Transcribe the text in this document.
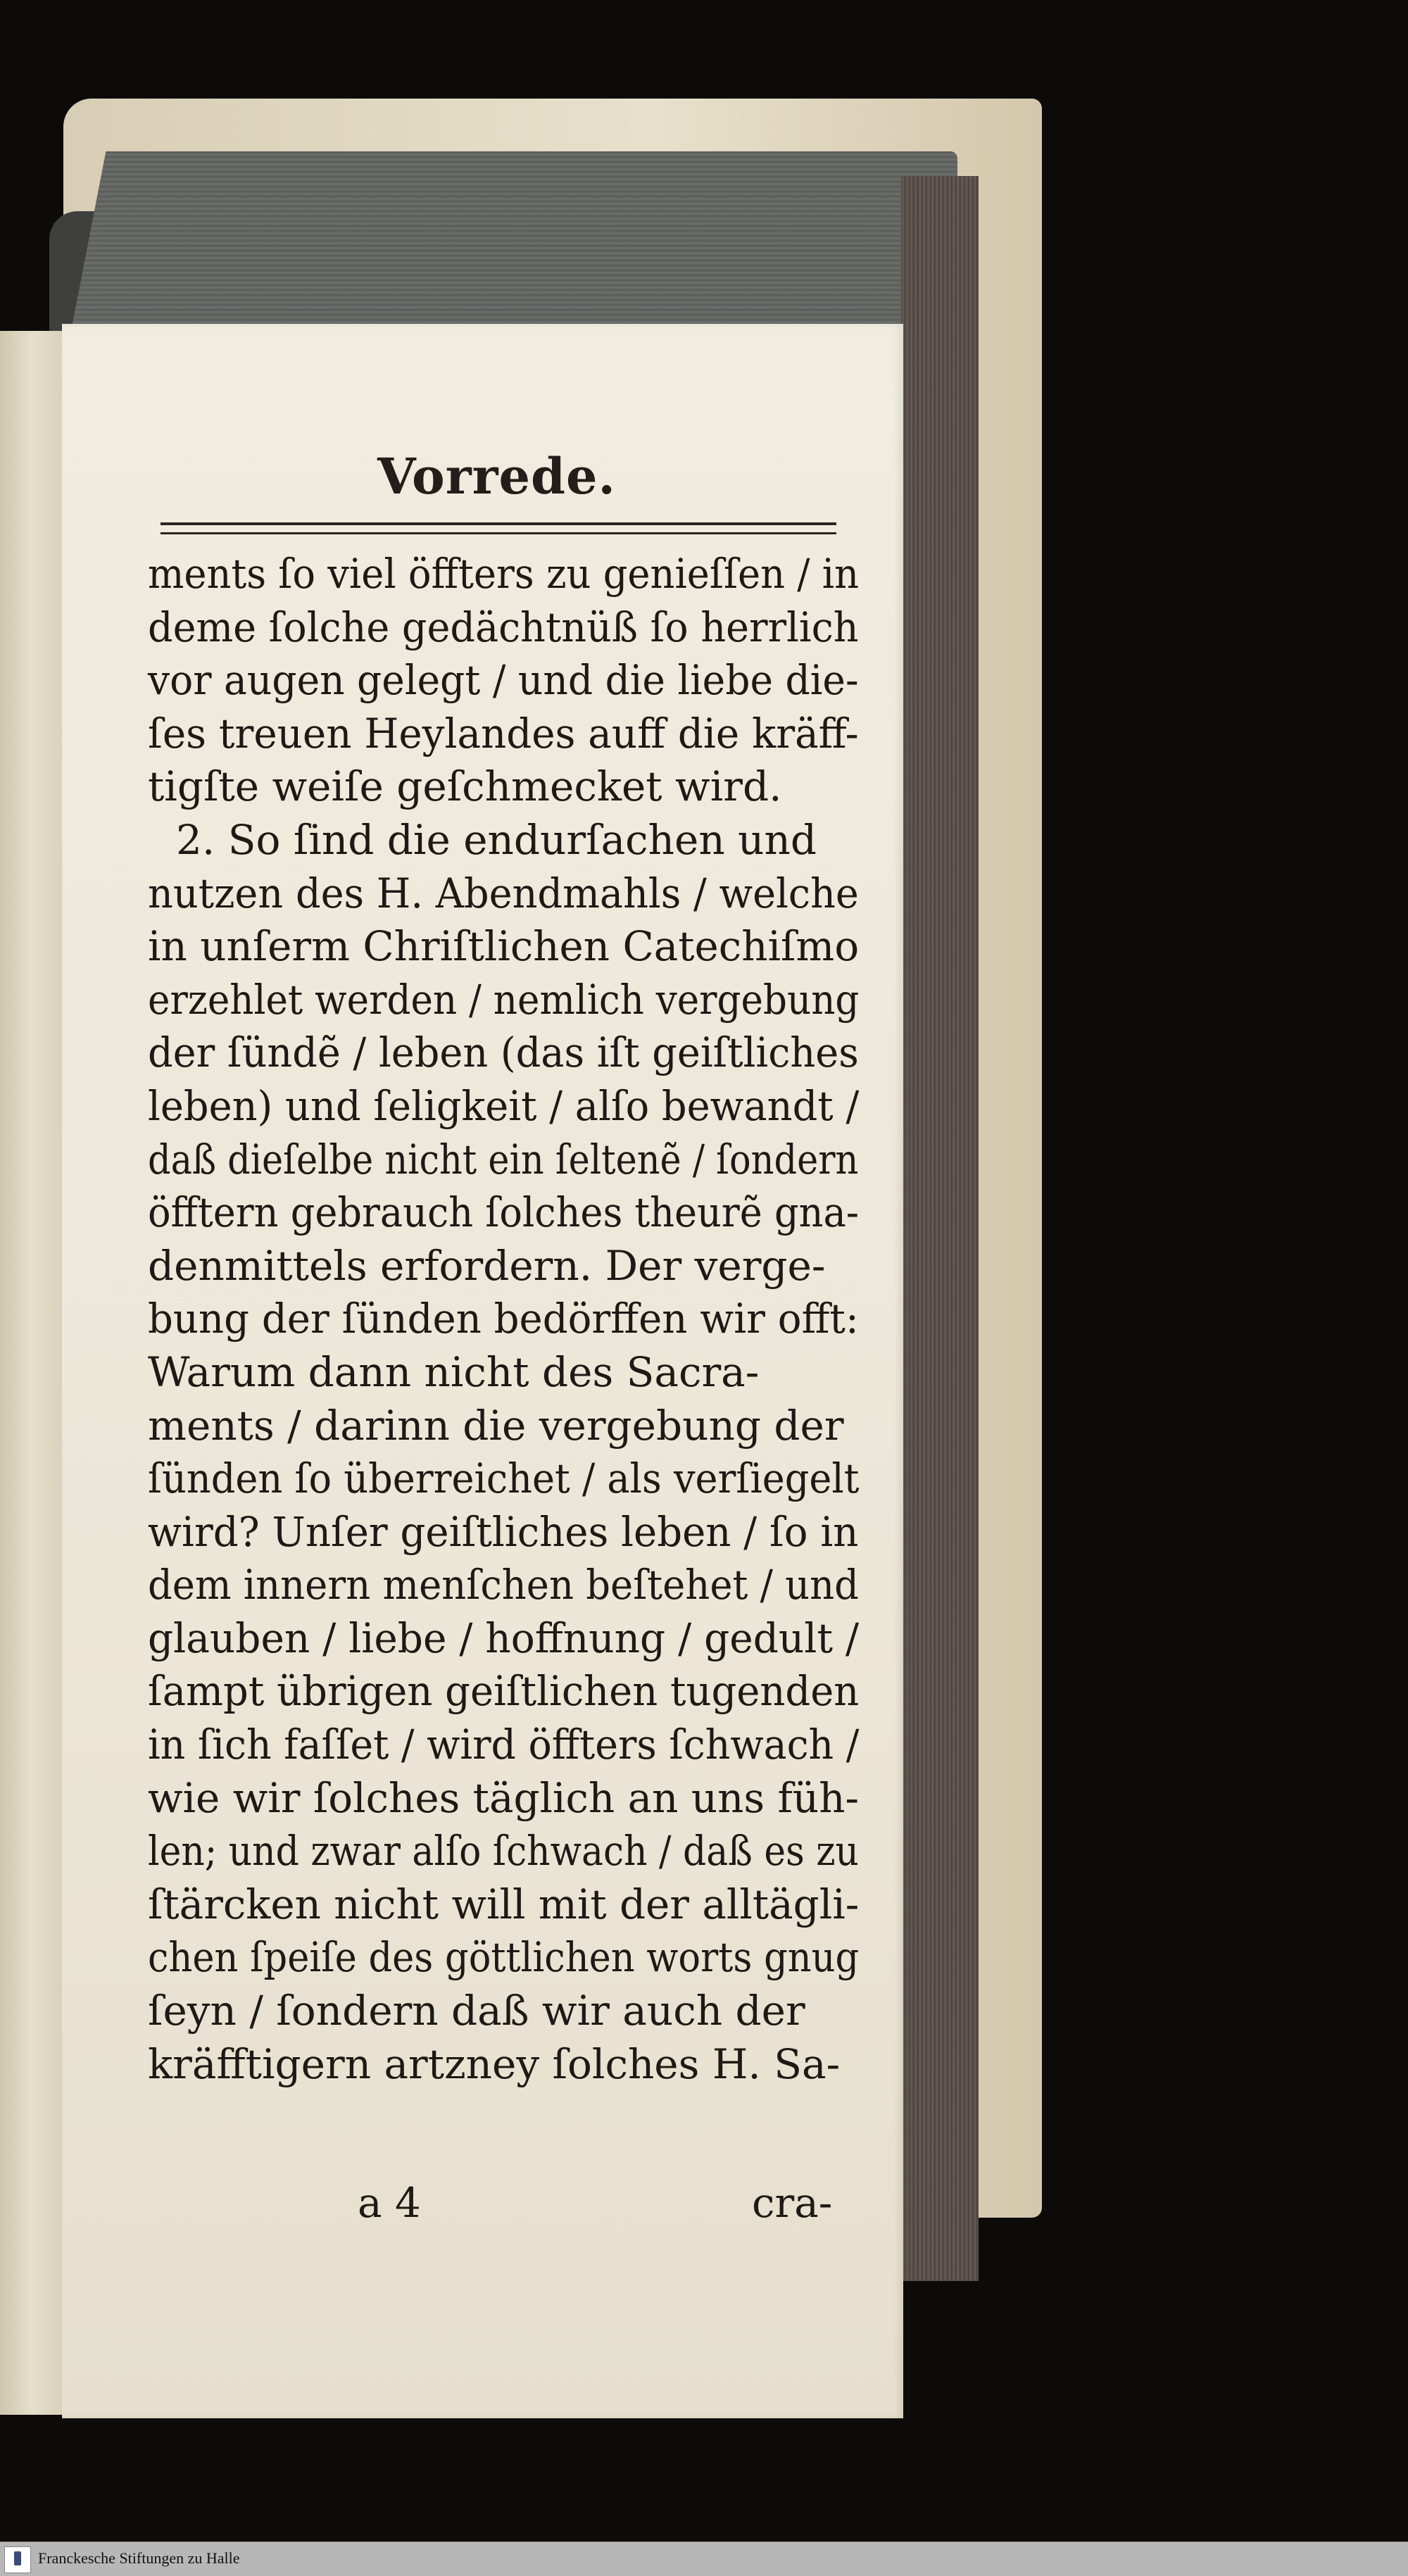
Vorrede.
ments ſo viel öffters zu genieſſen / in
deme ſolche gedächtnüß ſo herrlich
vor augen gelegt / und die liebe die-
ſes treuen Heylandes auff die kräff-
tigſte weiſe geſchmecket wird.
2. So ſind die endurſachen und
nutzen des H. Abendmahls / welche
in unſerm Chriſtlichen Catechiſmo
erzehlet werden / nemlich vergebung
der ſündẽ / leben (das iſt geiſtliches
leben) und ſeligkeit / alſo bewandt /
daß dieſelbe nicht ein ſeltenẽ / ſondern
öfftern gebrauch ſolches theurẽ gna-
denmittels erfordern. Der verge-
bung der ſünden bedörffen wir offt:
Warum dann nicht des Sacra-
ments / darinn die vergebung der
ſünden ſo überreichet / als verſiegelt
wird? Unſer geiſtliches leben / ſo in
dem innern menſchen beſtehet / und
glauben / liebe / hoffnung / gedult /
ſampt übrigen geiſtlichen tugenden
in ſich faſſet / wird öffters ſchwach /
wie wir ſolches täglich an uns füh-
len; und zwar alſo ſchwach / daß es zu
ſtärcken nicht will mit der alltägli-
chen ſpeiſe des göttlichen worts gnug
ſeyn / ſondern daß wir auch der
kräfftigern artzney ſolches H. Sa-
a 4	cra-
Franckesche Stiftungen zu Halle
